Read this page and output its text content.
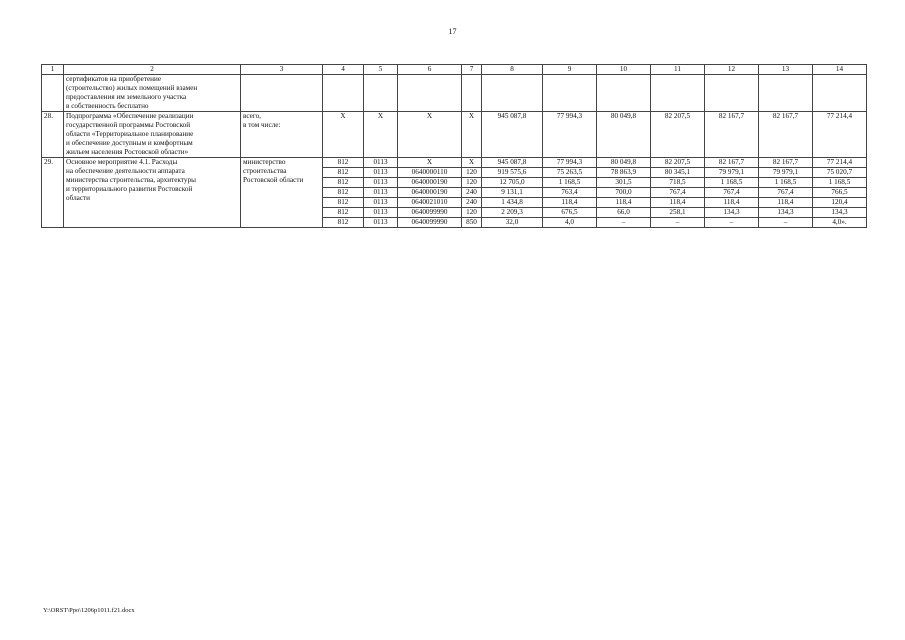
17
1	2	3	4	5	6	7	8	9	10	11	12	13	14
	сертификатов на приобретение
(строительство) жилых помещений взамен
предоставления им земельного участка
в собственность бесплатно												
28.	Подпрограмма «Обеспечение реализации
государственной программы Ростовской
области «Территориальное планирование
и обеспечение доступным и комфортным
жильем населения Ростовской области»	всего,
в том числе:	X	X	X	X	945 087,8	77 994,3	80 049,8	82 207,5	82 167,7	82 167,7	77 214,4
29.	Основное мероприятие 4.1. Расходы
на обеспечение деятельности аппарата
министерства строительства, архитектуры
и территориального развития Ростовской
области	министерство
строительства
Ростовской области	812	0113	X	X	945 087,8	77 994,3	80 049,8	82 207,5	82 167,7	82 167,7	77 214,4
			812	0113	0640000110	120	919 575,6	75 263,5	78 863,9	80 345,1	79 979,1	79 979,1	75 020,7
			812	0113	0640000190	120	12 705,0	1 168,5	301,5	718,5	1 168,5	1 168,5	1 168,5
			812	0113	0640000190	240	9 131,1	763,4	700,0	767,4	767,4	767,4	766,5
			812	0113	0640021010	240	1 434,8	118,4	118,4	118,4	118,4	118,4	120,4
			812	0113	0640099990	120	2 209,3	676,5	66,0	258,1	134,3	134,3	134,3
			812	0113	0640099990	850	32,0	4,0	–	–	–	–	4,0».
Y:\ORST\Ppo\1206p1011.f21.docx
